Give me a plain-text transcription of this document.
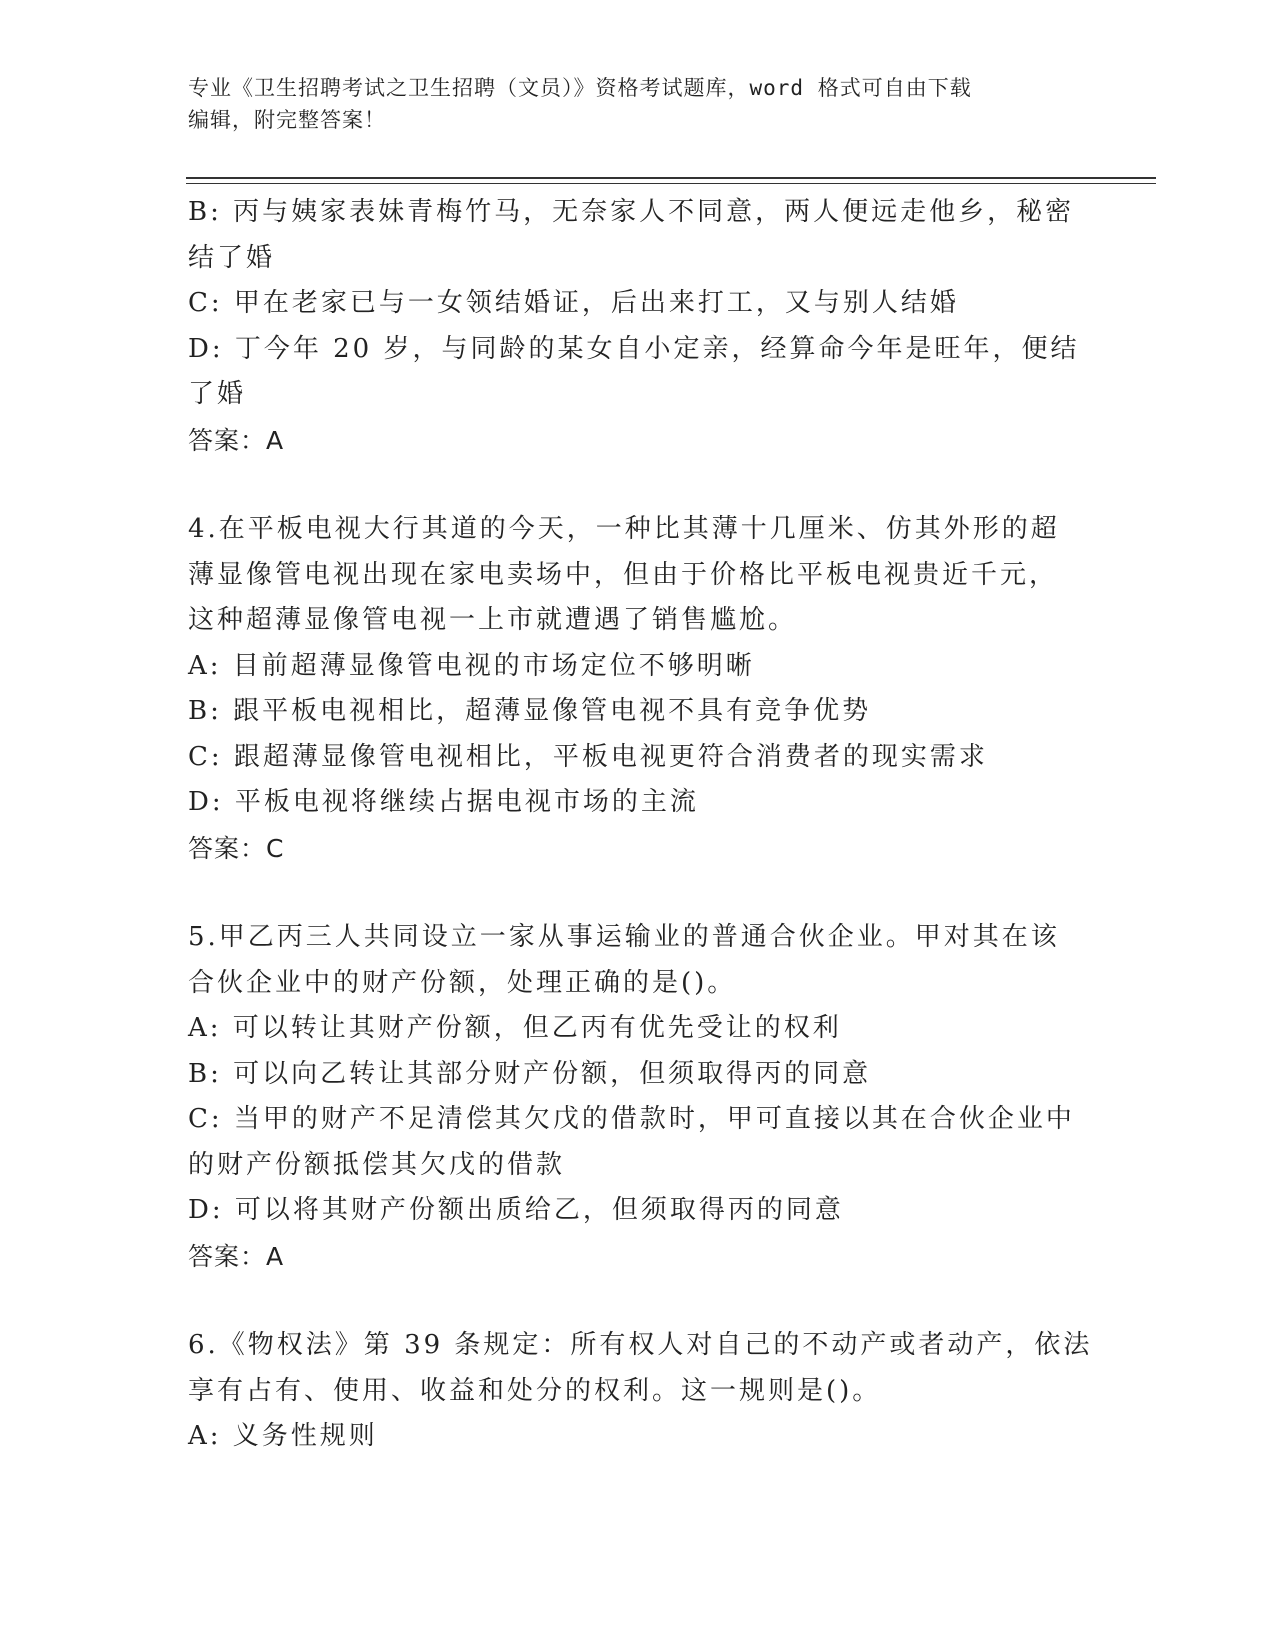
专业《卫生招聘考试之卫生招聘（文员）》资格考试题库，word 格式可自由下载
编辑，附完整答案！
B: 丙与姨家表妹青梅竹马，无奈家人不同意，两人便远走他乡，秘密
结了婚
C: 甲在老家已与一女领结婚证，后出来打工，又与别人结婚
D: 丁今年 20 岁，与同龄的某女自小定亲，经算命今年是旺年，便结
了婚
答案：A
4.在平板电视大行其道的今天，一种比其薄十几厘米、仿其外形的超
薄显像管电视出现在家电卖场中，但由于价格比平板电视贵近千元，
这种超薄显像管电视一上市就遭遇了销售尴尬。
A: 目前超薄显像管电视的市场定位不够明晰
B: 跟平板电视相比，超薄显像管电视不具有竞争优势
C: 跟超薄显像管电视相比，平板电视更符合消费者的现实需求
D: 平板电视将继续占据电视市场的主流
答案：C
5.甲乙丙三人共同设立一家从事运输业的普通合伙企业。甲对其在该
合伙企业中的财产份额，处理正确的是()。
A: 可以转让其财产份额，但乙丙有优先受让的权利
B: 可以向乙转让其部分财产份额，但须取得丙的同意
C: 当甲的财产不足清偿其欠戊的借款时，甲可直接以其在合伙企业中
的财产份额抵偿其欠戊的借款
D: 可以将其财产份额出质给乙，但须取得丙的同意
答案：A
6.《物权法》第 39 条规定：所有权人对自己的不动产或者动产，依法
享有占有、使用、收益和处分的权利。这一规则是()。
A: 义务性规则
